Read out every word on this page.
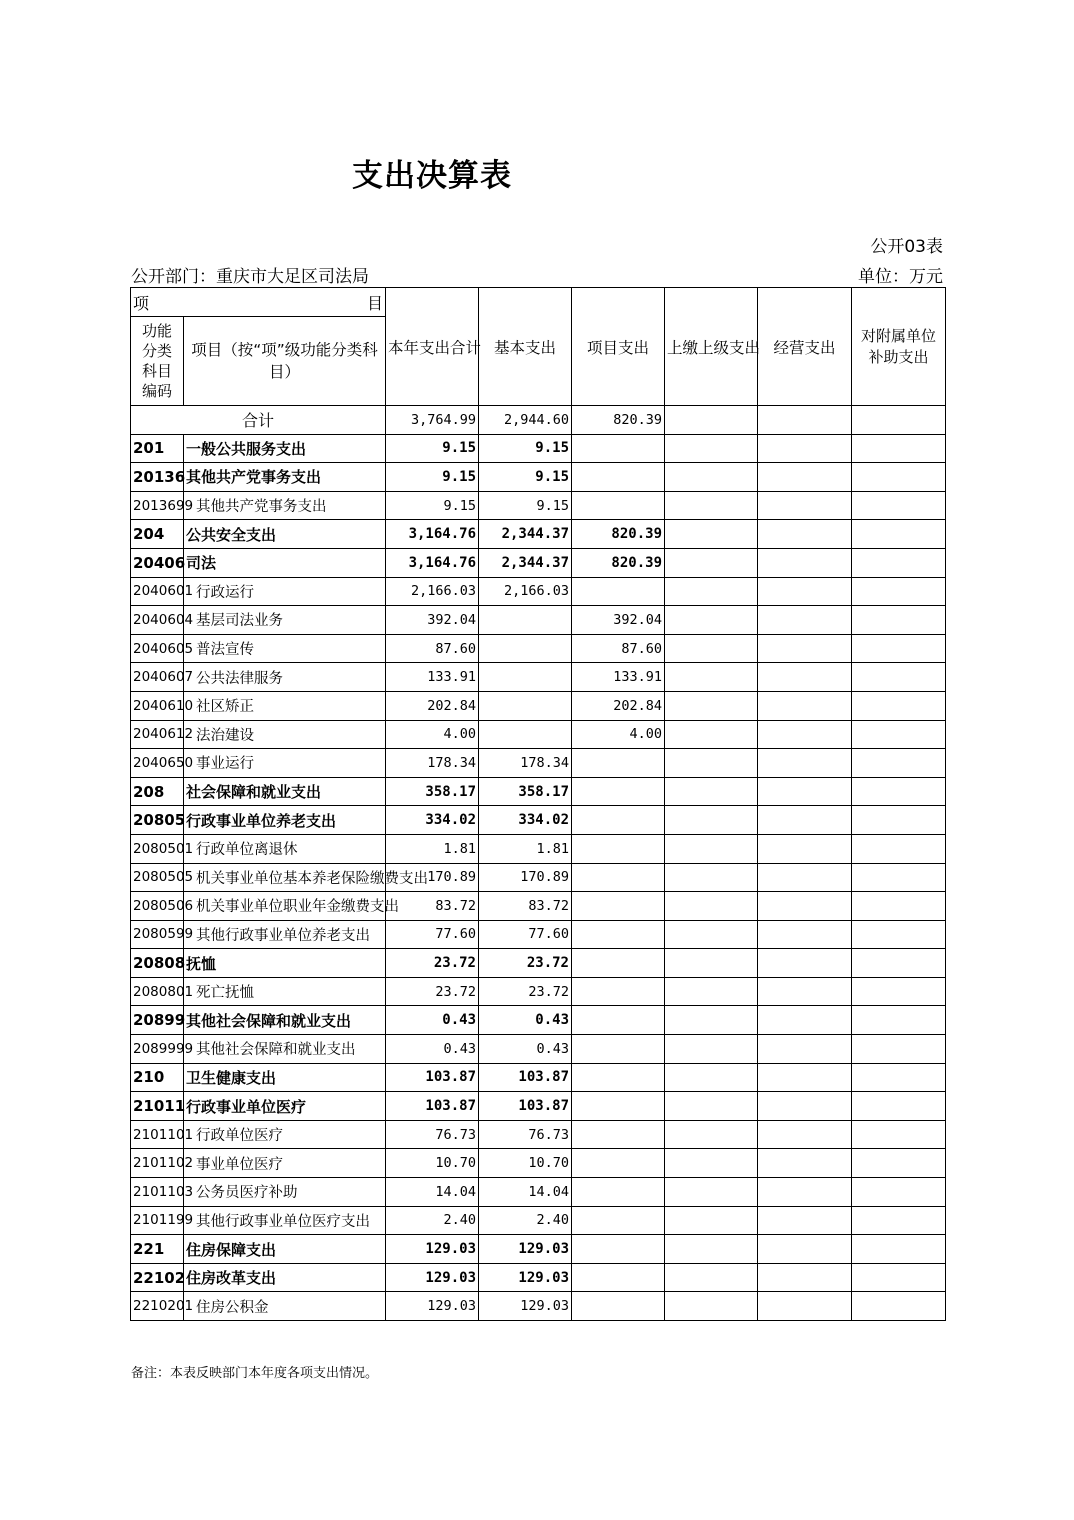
支出决算表
公开03表
公开部门：重庆市大足区司法局	单位：万元
项 目		本年支出合计	基本支出	项目支出	上缴上级支出	经营支出	对附属单位补助支出
功能分类科目编码	项目（按“项”级功能分类科目）						
合计		3,764.99	2,944.60	820.39			
201	一般公共服务支出	9.15	9.15				
20136	其他共产党事务支出	9.15	9.15				
2013699	其他共产党事务支出	9.15	9.15				
204	公共安全支出	3,164.76	2,344.37	820.39			
20406	司法	3,164.76	2,344.37	820.39			
2040601	行政运行	2,166.03	2,166.03				
2040604	基层司法业务	392.04		392.04			
2040605	普法宣传	87.60		87.60			
2040607	公共法律服务	133.91		133.91			
2040610	社区矫正	202.84		202.84			
2040612	法治建设	4.00		4.00			
2040650	事业运行	178.34	178.34				
208	社会保障和就业支出	358.17	358.17				
20805	行政事业单位养老支出	334.02	334.02				
2080501	行政单位离退休	1.81	1.81				
2080505	机关事业单位基本养老保险缴费支出	170.89	170.89				
2080506	机关事业单位职业年金缴费支出	83.72	83.72				
2080599	其他行政事业单位养老支出	77.60	77.60				
20808	抚恤	23.72	23.72				
2080801	死亡抚恤	23.72	23.72				
20899	其他社会保障和就业支出	0.43	0.43				
2089999	其他社会保障和就业支出	0.43	0.43				
210	卫生健康支出	103.87	103.87				
21011	行政事业单位医疗	103.87	103.87				
2101101	行政单位医疗	76.73	76.73				
2101102	事业单位医疗	10.70	10.70				
2101103	公务员医疗补助	14.04	14.04				
2101199	其他行政事业单位医疗支出	2.40	2.40				
221	住房保障支出	129.03	129.03				
22102	住房改革支出	129.03	129.03				
2210201	住房公积金	129.03	129.03				
备注：本表反映部门本年度各项支出情况。
